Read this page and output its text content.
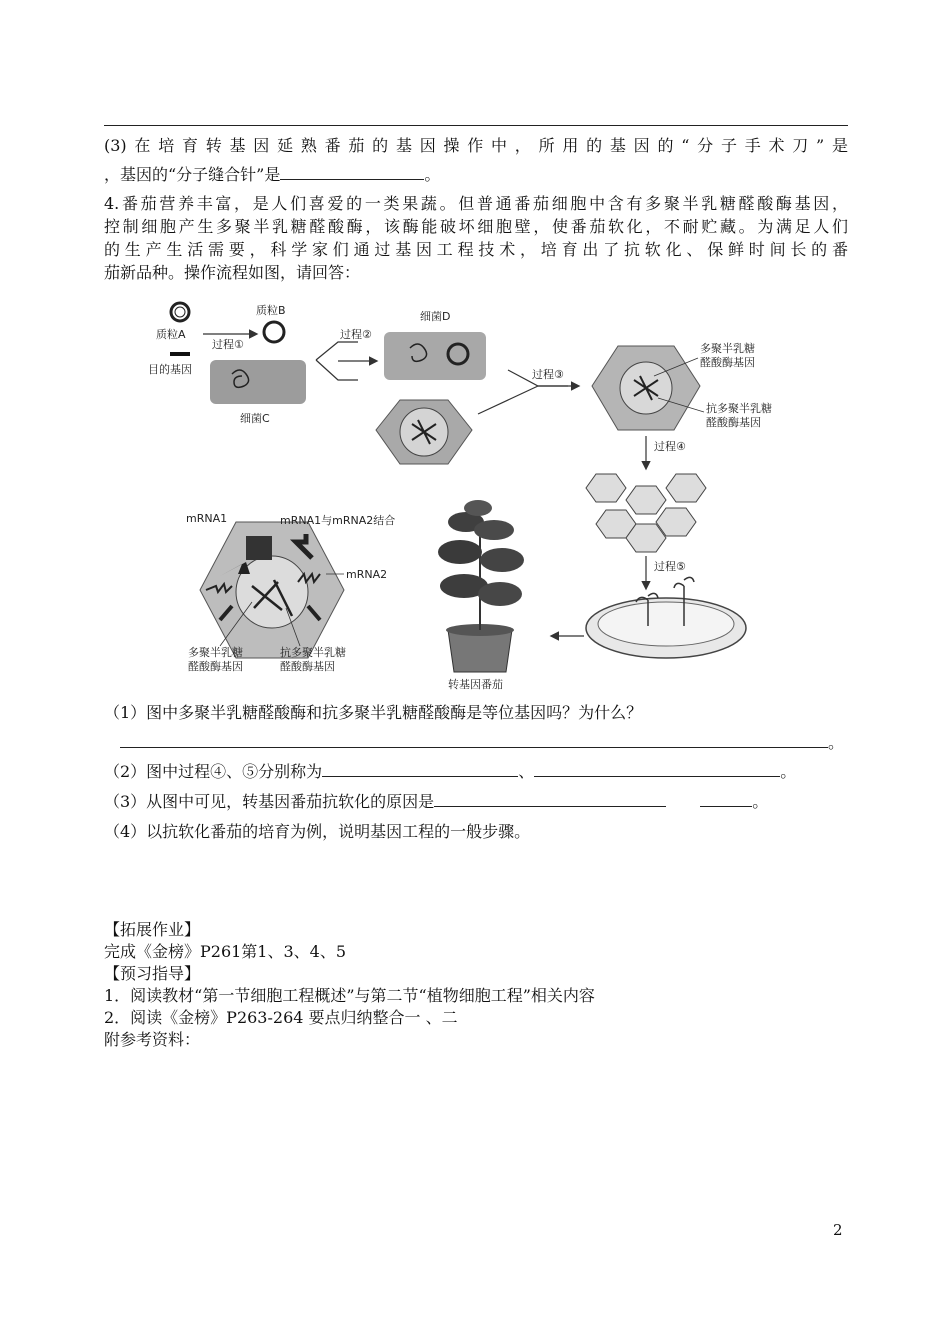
(3)在培育转基因延熟番茄的基因操作中，所用的基因的“分子手术刀”是
，基因的“分子缝合针”是	。
4.番茄营养丰富，是人们喜爱的一类果蔬。但普通番茄细胞中含有多聚半乳糖醛酸酶基因，
控制细胞产生多聚半乳糖醛酸酶，该酶能破坏细胞壁，使番茄软化，不耐贮藏。为满足人们
的生产生活需要，科学家们通过基因工程技术，培育出了抗软化、保鲜时间长的番
茄新品种。操作流程如图，请回答：
质粒A
目的基因
过程①
质粒B
细菌C
过程②
细菌D
过程③
多聚半乳糖
醛酸酶基因
抗多聚半乳糖
醛酸酶基因
过程④
过程⑤
转基因番茄
mRNA1	mRNA1与mRNA2结合
mRNA2
多聚半乳糖
醛酸酶基因
抗多聚半乳糖
醛酸酶基因
（1）图中多聚半乳糖醛酸酶和抗多聚半乳糖醛酸酶是等位基因吗？为什么？
。
（2）图中过程④、⑤分别称为	、	。
（3）从图中可见，转基因番茄抗软化的原因是	。
（4）以抗软化番茄的培育为例，说明基因工程的一般步骤。
【拓展作业】
完成《金榜》P261第1、3、4、5
【预习指导】
1．阅读教材“第一节细胞工程概述”与第二节“植物细胞工程”相关内容
2．阅读《金榜》P263-264 要点归纳整合一 、二
附参考资料：
2
